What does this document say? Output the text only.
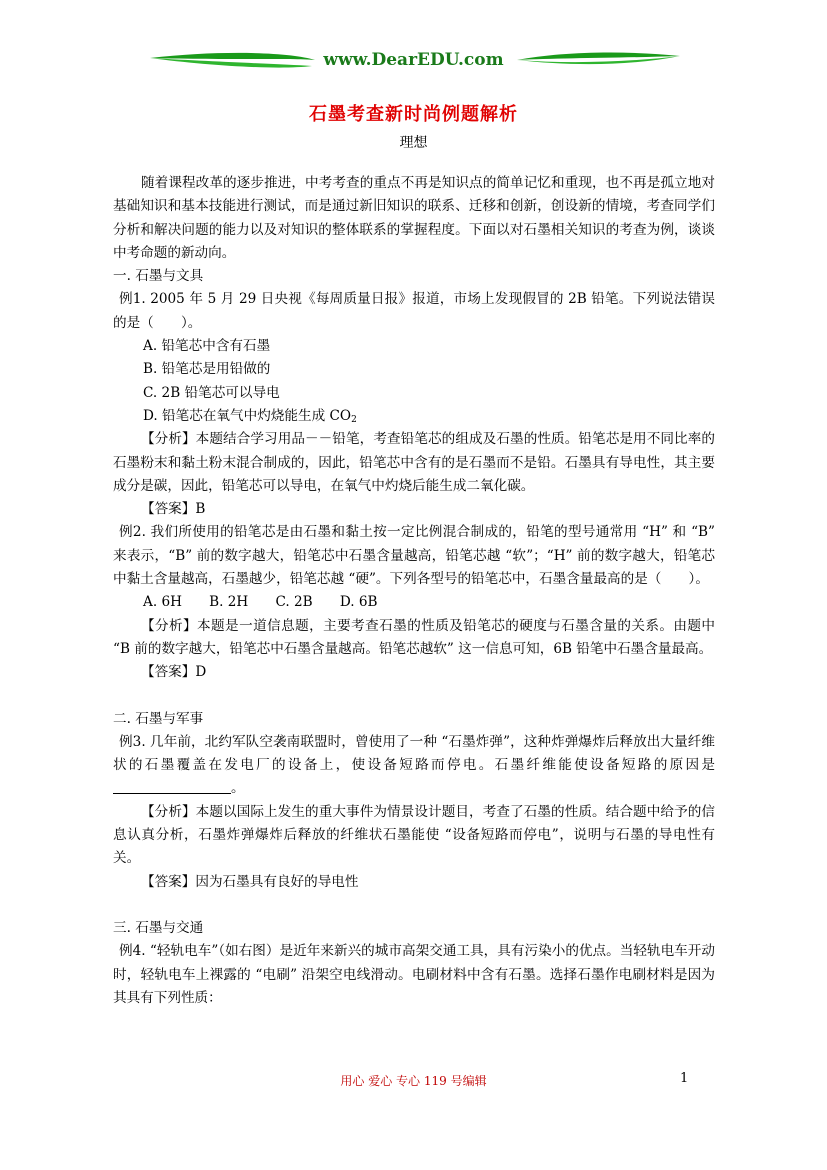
www.DearEDU.com
石墨考查新时尚例题解析
理想

随着课程改革的逐步推进，中考考查的重点不再是知识点的简单记忆和重现，也不再是孤立地对基础知识和基本技能进行测试，而是通过新旧知识的联系、迁移和创新，创设新的情境，考查同学们分析和解决问题的能力以及对知识的整体联系的掌握程度。下面以对石墨相关知识的考查为例，谈谈中考命题的新动向。

一. 石墨与文具

例1. 2005 年 5 月 29 日央视《每周质量日报》报道，市场上发现假冒的 2B 铅笔。下列说法错误的是（　　）。

A. 铅笔芯中含有石墨

B. 铅笔芯是用铅做的

C. 2B 铅笔芯可以导电

D. 铅笔芯在氧气中灼烧能生成 $CO_2$

【分析】本题结合学习用品－－铅笔，考查铅笔芯的组成及石墨的性质。铅笔芯是用不同比率的石墨粉末和黏土粉末混合制成的，因此，铅笔芯中含有的是石墨而不是铅。石墨具有导电性，其主要成分是碳，因此，铅笔芯可以导电，在氧气中灼烧后能生成二氧化碳。

【答案】B

例2. 我们所使用的铅笔芯是由石墨和黏土按一定比例混合制成的，铅笔的型号通常用 “H” 和 “B” 来表示，“B” 前的数字越大，铅笔芯中石墨含量越高，铅笔芯越 “软”；“H” 前的数字越大，铅笔芯中黏土含量越高，石墨越少，铅笔芯越 “硬”。下列各型号的铅笔芯中，石墨含量最高的是（　　）。

A. 6H　　B. 2H　　C. 2B　　D. 6B

【分析】本题是一道信息题，主要考查石墨的性质及铅笔芯的硬度与石墨含量的关系。由题中 “B 前的数字越大，铅笔芯中石墨含量越高。铅笔芯越软” 这一信息可知，6B 铅笔中石墨含量最高。

【答案】D

二. 石墨与军事

例3. 几年前，北约军队空袭南联盟时，曾使用了一种 “石墨炸弹”，这种炸弹爆炸后释放出大量纤维状的石墨覆盖在发电厂的设备上，使设备短路而停电。石墨纤维能使设备短路的原因是。

【分析】本题以国际上发生的重大事件为情景设计题目，考查了石墨的性质。结合题中给予的信息认真分析，石墨炸弹爆炸后释放的纤维状石墨能使 “设备短路而停电”，说明与石墨的导电性有关。

【答案】因为石墨具有良好的导电性

三. 石墨与交通

例4. “轻轨电车”（如右图）是近年来新兴的城市高架交通工具，具有污染小的优点。当轻轨电车开动时，轻轨电车上裸露的 “电刷” 沿架空电线滑动。电刷材料中含有石墨。选择石墨作电刷材料是因为其具有下列性质：

用心 爱心 专心 119 号编辑	1
